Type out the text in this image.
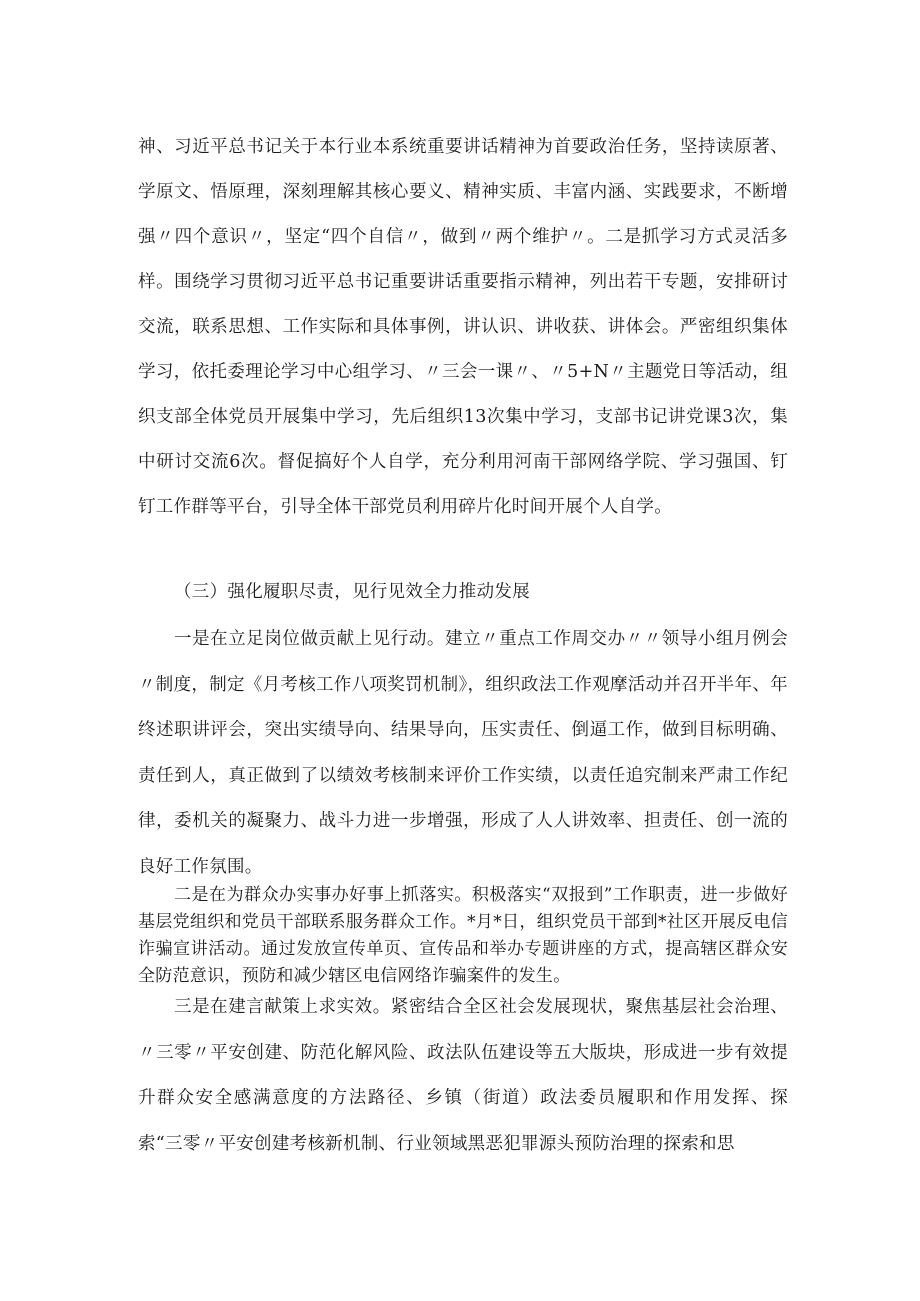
神、习近平总书记关于本行业本系统重要讲话精神为首要政治任务，坚持读原著、学原文、悟原理，深刻理解其核心要义、精神实质、丰富内涵、实践要求，不断增强〃四个意识〃，坚定“四个自信〃，做到〃两个维护〃。二是抓学习方式灵活多样。围绕学习贯彻习近平总书记重要讲话重要指示精神，列出若干专题，安排研讨交流，联系思想、工作实际和具体事例，讲认识、讲收获、讲体会。严密组织集体学习，依托委理论学习中心组学习、〃三会一课〃、〃5+N〃主题党日等活动，组织支部全体党员开展集中学习，先后组织13次集中学习，支部书记讲党课3次，集中研讨交流6次。督促搞好个人自学，充分利用河南干部网络学院、学习强国、钉钉工作群等平台，引导全体干部党员利用碎片化时间开展个人自学。

（三）强化履职尽责，见行见效全力推动发展

一是在立足岗位做贡献上见行动。建立〃重点工作周交办〃〃领导小组月例会〃制度，制定《月考核工作八项奖罚机制》，组织政法工作观摩活动并召开半年、年终述职讲评会，突出实绩导向、结果导向，压实责任、倒逼工作，做到目标明确、责任到人，真正做到了以绩效考核制来评价工作实绩，以责任追究制来严肃工作纪律，委机关的凝聚力、战斗力进一步增强，形成了人人讲效率、担责任、创一流的良好工作氛围。

二是在为群众办实事办好事上抓落实。积极落实“双报到”工作职责，进一步做好基层党组织和党员干部联系服务群众工作。*月*日，组织党员干部到*社区开展反电信诈骗宣讲活动。通过发放宣传单页、宣传品和举办专题讲座的方式，提高辖区群众安全防范意识，预防和减少辖区电信网络诈骗案件的发生。

三是在建言献策上求实效。紧密结合全区社会发展现状，聚焦基层社会治理、〃三零〃平安创建、防范化解风险、政法队伍建设等五大版块，形成进一步有效提升群众安全感满意度的方法路径、乡镇（街道）政法委员履职和作用发挥、探索“三零〃平安创建考核新机制、行业领域黑恶犯罪源头预防治理的探索和思
